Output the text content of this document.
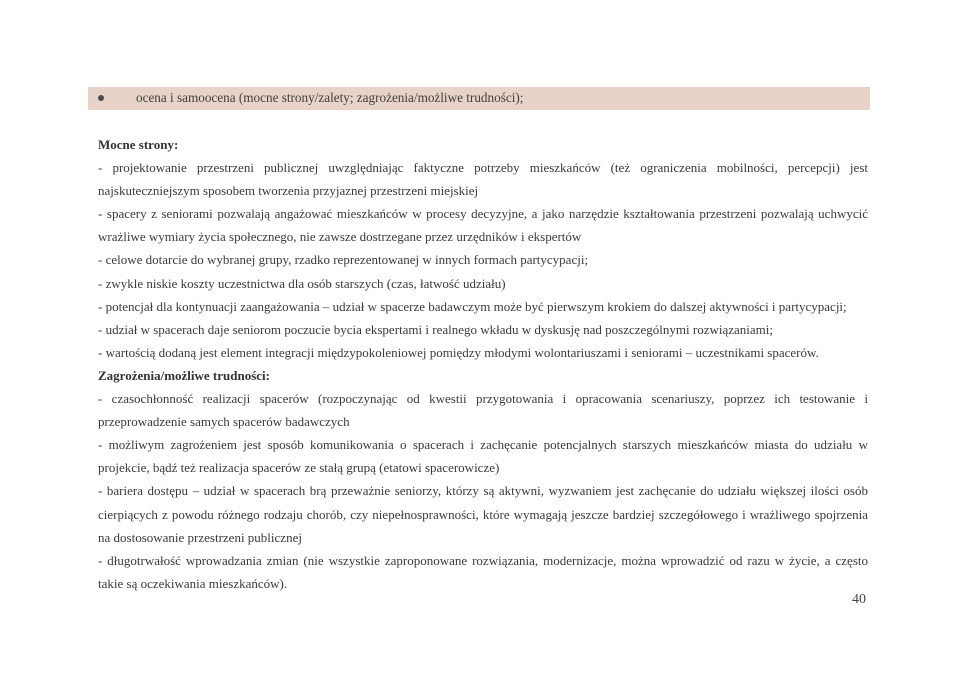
ocena i samoocena (mocne strony/zalety; zagrożenia/możliwe trudności);
Mocne strony:
- projektowanie przestrzeni publicznej uwzględniając faktyczne potrzeby mieszkańców (też ograniczenia mobilności, percepcji) jest najskuteczniejszym sposobem tworzenia przyjaznej przestrzeni miejskiej
- spacery z seniorami pozwalają angażować mieszkańców w procesy decyzyjne, a jako narzędzie kształtowania przestrzeni pozwalają uchwycić wrażliwe wymiary życia społecznego, nie zawsze dostrzegane przez urzędników i ekspertów
- celowe dotarcie do wybranej grupy, rzadko reprezentowanej w innych formach partycypacji;
- zwykle niskie koszty uczestnictwa dla osób starszych (czas, łatwość udziału)
- potencjał dla kontynuacji zaangażowania – udział w spacerze badawczym może być pierwszym krokiem do dalszej aktywności i partycypacji;
- udział w spacerach daje seniorom poczucie bycia ekspertami i realnego wkładu w dyskusję nad poszczególnymi rozwiązaniami;
- wartością dodaną jest element integracji międzypokoleniowej pomiędzy młodymi wolontariuszami i seniorami – uczestnikami spacerów.
Zagrożenia/możliwe trudności:
- czasochłonność realizacji spacerów (rozpoczynając od kwestii przygotowania i opracowania scenariuszy, poprzez ich testowanie i przeprowadzenie samych spacerów badawczych
- możliwym zagrożeniem jest sposób komunikowania o spacerach i zachęcanie potencjalnych starszych mieszkańców miasta do udziału w projekcie, bądź też realizacja spacerów ze stałą grupą (etatowi spacerowicze)
- bariera dostępu – udział w spacerach brą przeważnie seniorzy, którzy są aktywni, wyzwaniem jest zachęcanie do udziału większej ilości osób cierpiących z powodu różnego rodzaju chorób, czy niepełnosprawności, które wymagają jeszcze bardziej szczegółowego i wrażliwego spojrzenia na dostosowanie przestrzeni publicznej
- długotrwałość wprowadzania zmian (nie wszystkie zaproponowane rozwiązania, modernizacje, można wprowadzić od razu w życie, a często takie są oczekiwania mieszkańców).
40
